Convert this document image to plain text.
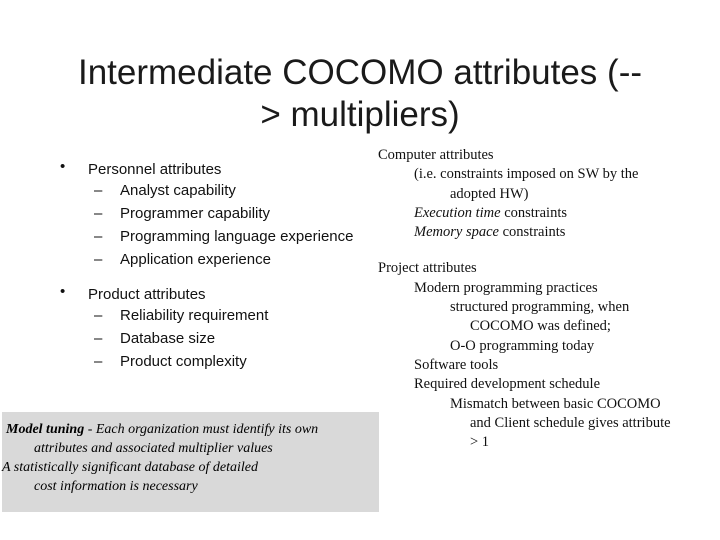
Intermediate COCOMO attributes (--
> multipliers)
•	Personnel attributes
– Analyst capability
– Programmer capability
– Programming language experience
– Application experience
•	Product attributes
– Reliability requirement
– Database size
– Product complexity

Model tuning - Each organization must identify its own

attributes and associated multiplier values

A statistically significant database of detailed

cost information is necessary

Computer attributes

(i.e. constraints imposed on SW by the

adopted HW)

Execution time constraints

Memory space constraints

Project attributes

Modern programming practices

structured programming, when

COCOMO was defined;

O-O programming today

Software tools

Required development schedule

Mismatch between basic COCOMO

and Client schedule gives attribute

> 1
